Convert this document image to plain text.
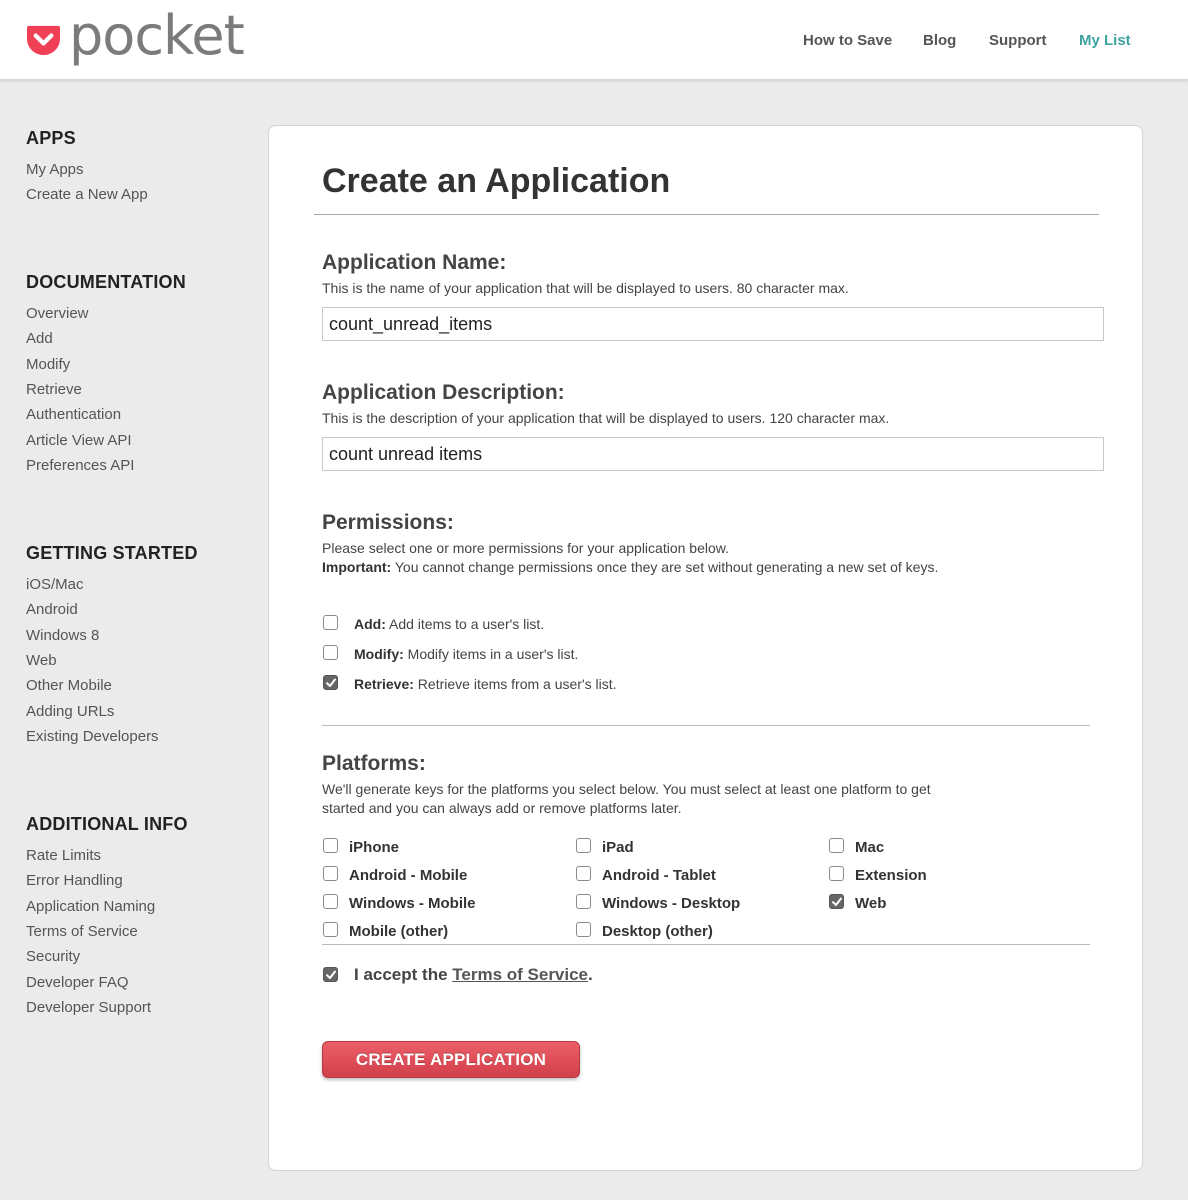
pocket	How to Save Blog Support My List
APPS
My Apps
Create a New App
DOCUMENTATION
Overview
Add
Modify
Retrieve
Authentication
Article View API
Preferences API
GETTING STARTED
iOS/Mac
Android
Windows 8
Web
Other Mobile
Adding URLs
Existing Developers
ADDITIONAL INFO
Rate Limits
Error Handling
Application Naming
Terms of Service
Security
Developer FAQ
Developer Support
Create an Application
Application Name:
This is the name of your application that will be displayed to users. 80 character max.
count_unread_items
Application Description:
This is the description of your application that will be displayed to users. 120 character max.
count unread items
Permissions:
Please select one or more permissions for your application below.
Important: You cannot change permissions once they are set without generating a new set of keys.
Add: Add items to a user's list.
Modify: Modify items in a user's list.
Retrieve: Retrieve items from a user's list.
Platforms:
We'll generate keys for the platforms you select below. You must select at least one platform to get started and you can always add or remove platforms later.
iPhone
Android - Mobile
Windows - Mobile
Mobile (other)
iPad
Android - Tablet
Windows - Desktop
Desktop (other)
Mac
Extension
Web
I accept the Terms of Service.
CREATE APPLICATION
